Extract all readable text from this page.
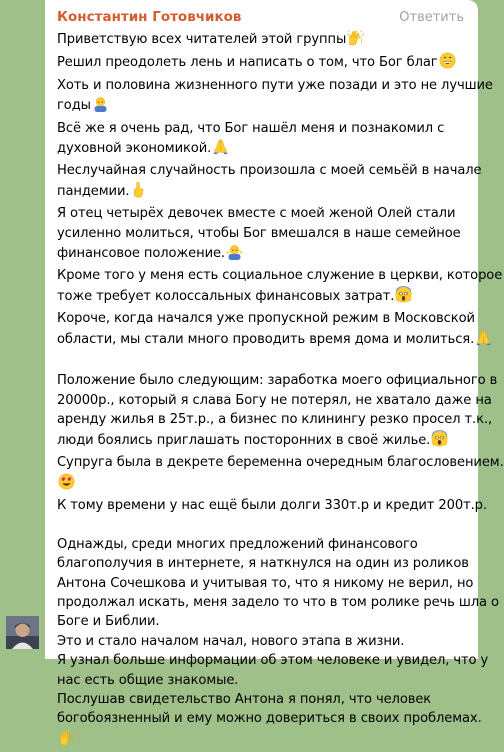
Константин Готовчиков	Ответить
Приветствую всех читателей этой группы
Решил преодолеть лень и написать о том, что Бог благ
Хоть и половина жизненного пути уже позади и это не лучшие
годы
Всё же я очень рад, что Бог нашёл меня и познакомил с
духовной экономикой.
Неслучайная случайность произошла с моей семьёй в начале
пандемии.
Я отец четырёх девочек вместе с моей женой Олей стали
усиленно молиться, чтобы Бог вмешался в наше семейное
финансовое положение.
Кроме того у меня есть социальное служение в церкви, которое
тоже требует колоссальных финансовых затрат.
Короче, когда начался уже пропускной режим в Московской
области, мы стали много проводить время дома и молиться.
Положение было следующим: заработка моего официального в
20000р., который я слава Богу не потерял, не хватало даже на
аренду жилья в 25т.р., а бизнес по клинингу резко просел т.к.,
люди боялись приглашать посторонних в своё жилье.
Супруга была в декрете беременна очередным благословением.
К тому времени у нас ещё были долги 330т.р и кредит 200т.р.
Однажды, среди многих предложений финансового
благополучия в интернете, я наткнулся на один из роликов
Антона Сочешкова и учитывая то, что я никому не верил, но
продолжал искать, меня задело то что в том ролике речь шла о
Боге и Библии.
Это и стало началом начал, нового этапа в жизни.
Я узнал больше информации об этом человеке и увидел, что у
нас есть общие знакомые.
Послушав свидетельство Антона я понял, что человек
богобоязненный и ему можно довериться в своих проблемах.
